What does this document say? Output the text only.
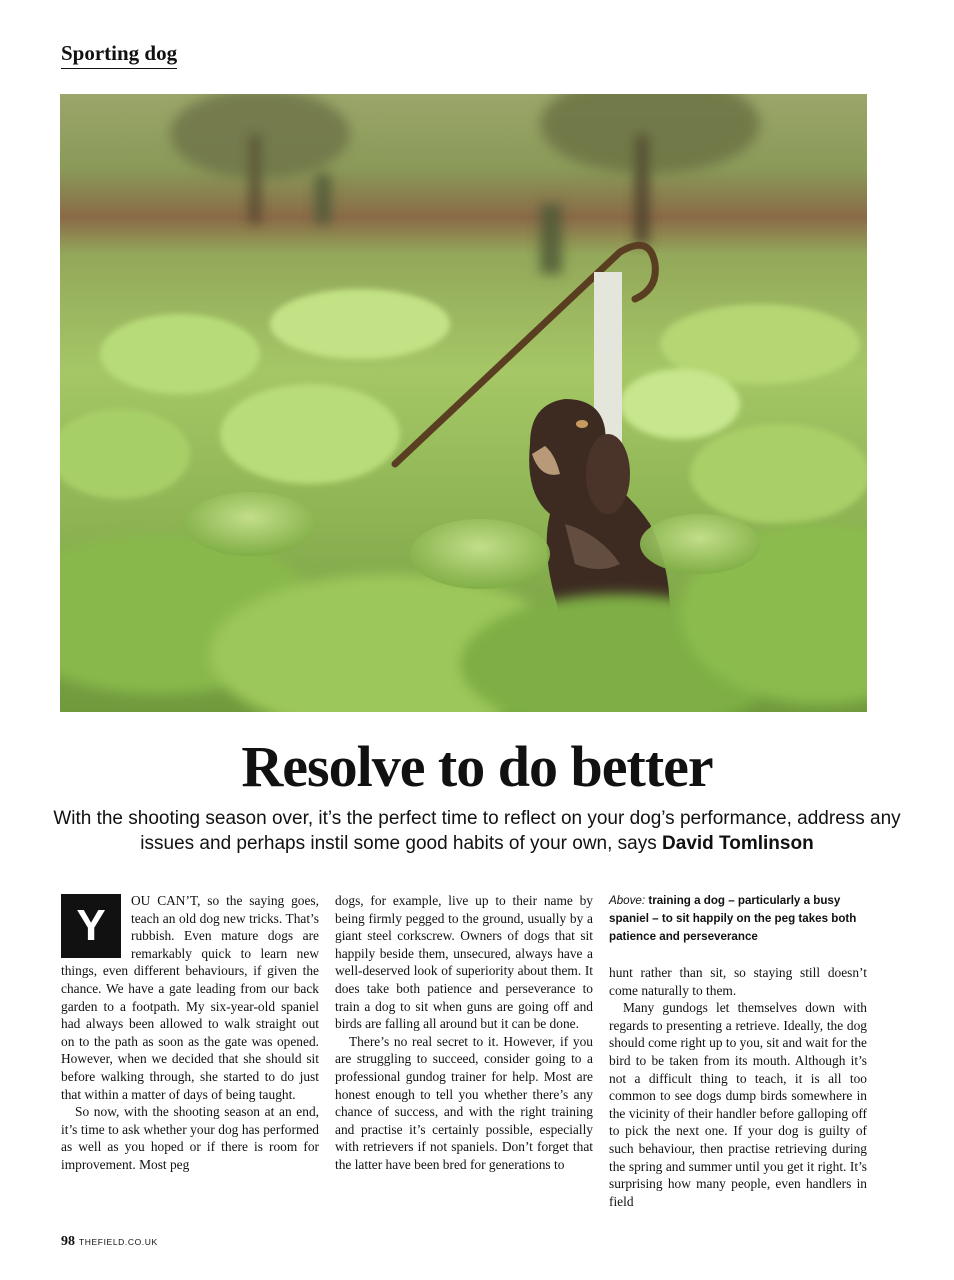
Sporting dog
Resolve to do better

With the shooting season over, it’s the perfect time to reflect on your dog’s performance, address any issues and perhaps instil some good habits of your own, says David Tomlinson

Y

OU CAN’T, so the saying goes, teach an old dog new tricks. That’s rubbish. Even mature dogs are remarkably quick to learn new things, even different behaviours, if given the chance. We have a gate leading from our back garden to a footpath. My six-year-old spaniel had always been allowed to walk straight out on to the path as soon as the gate was opened. However, when we decided that she should sit before walking through, she started to do just that within a matter of days of being taught.

So now, with the shooting season at an end, it’s time to ask whether your dog has performed as well as you hoped or if there is room for improvement. Most peg

dogs, for example, live up to their name by being firmly pegged to the ground, usually by a giant steel corkscrew. Owners of dogs that sit happily beside them, unsecured, always have a well-deserved look of superiority about them. It does take both patience and perseverance to train a dog to sit when guns are going off and birds are falling all around but it can be done.

There’s no real secret to it. However, if you are struggling to succeed, consider going to a professional gundog trainer for help. Most are honest enough to tell you whether there’s any chance of success, and with the right training and practise it’s certainly possible, especially with retrievers if not spaniels. Don’t forget that the latter have been bred for generations to

Above: training a dog – particularly a busy spaniel – to sit happily on the peg takes both patience and perseverance

hunt rather than sit, so staying still doesn’t come naturally to them.

Many gundogs let themselves down with regards to presenting a retrieve. Ideally, the dog should come right up to you, sit and wait for the bird to be taken from its mouth. Although it’s not a difficult thing to teach, it is all too common to see dogs dump birds somewhere in the vicinity of their handler before galloping off to pick the next one. If your dog is guilty of such behaviour, then practise retrieving during the spring and summer until you get it right. It’s surprising how many people, even handlers in field

98 THEFIELD.CO.UK
